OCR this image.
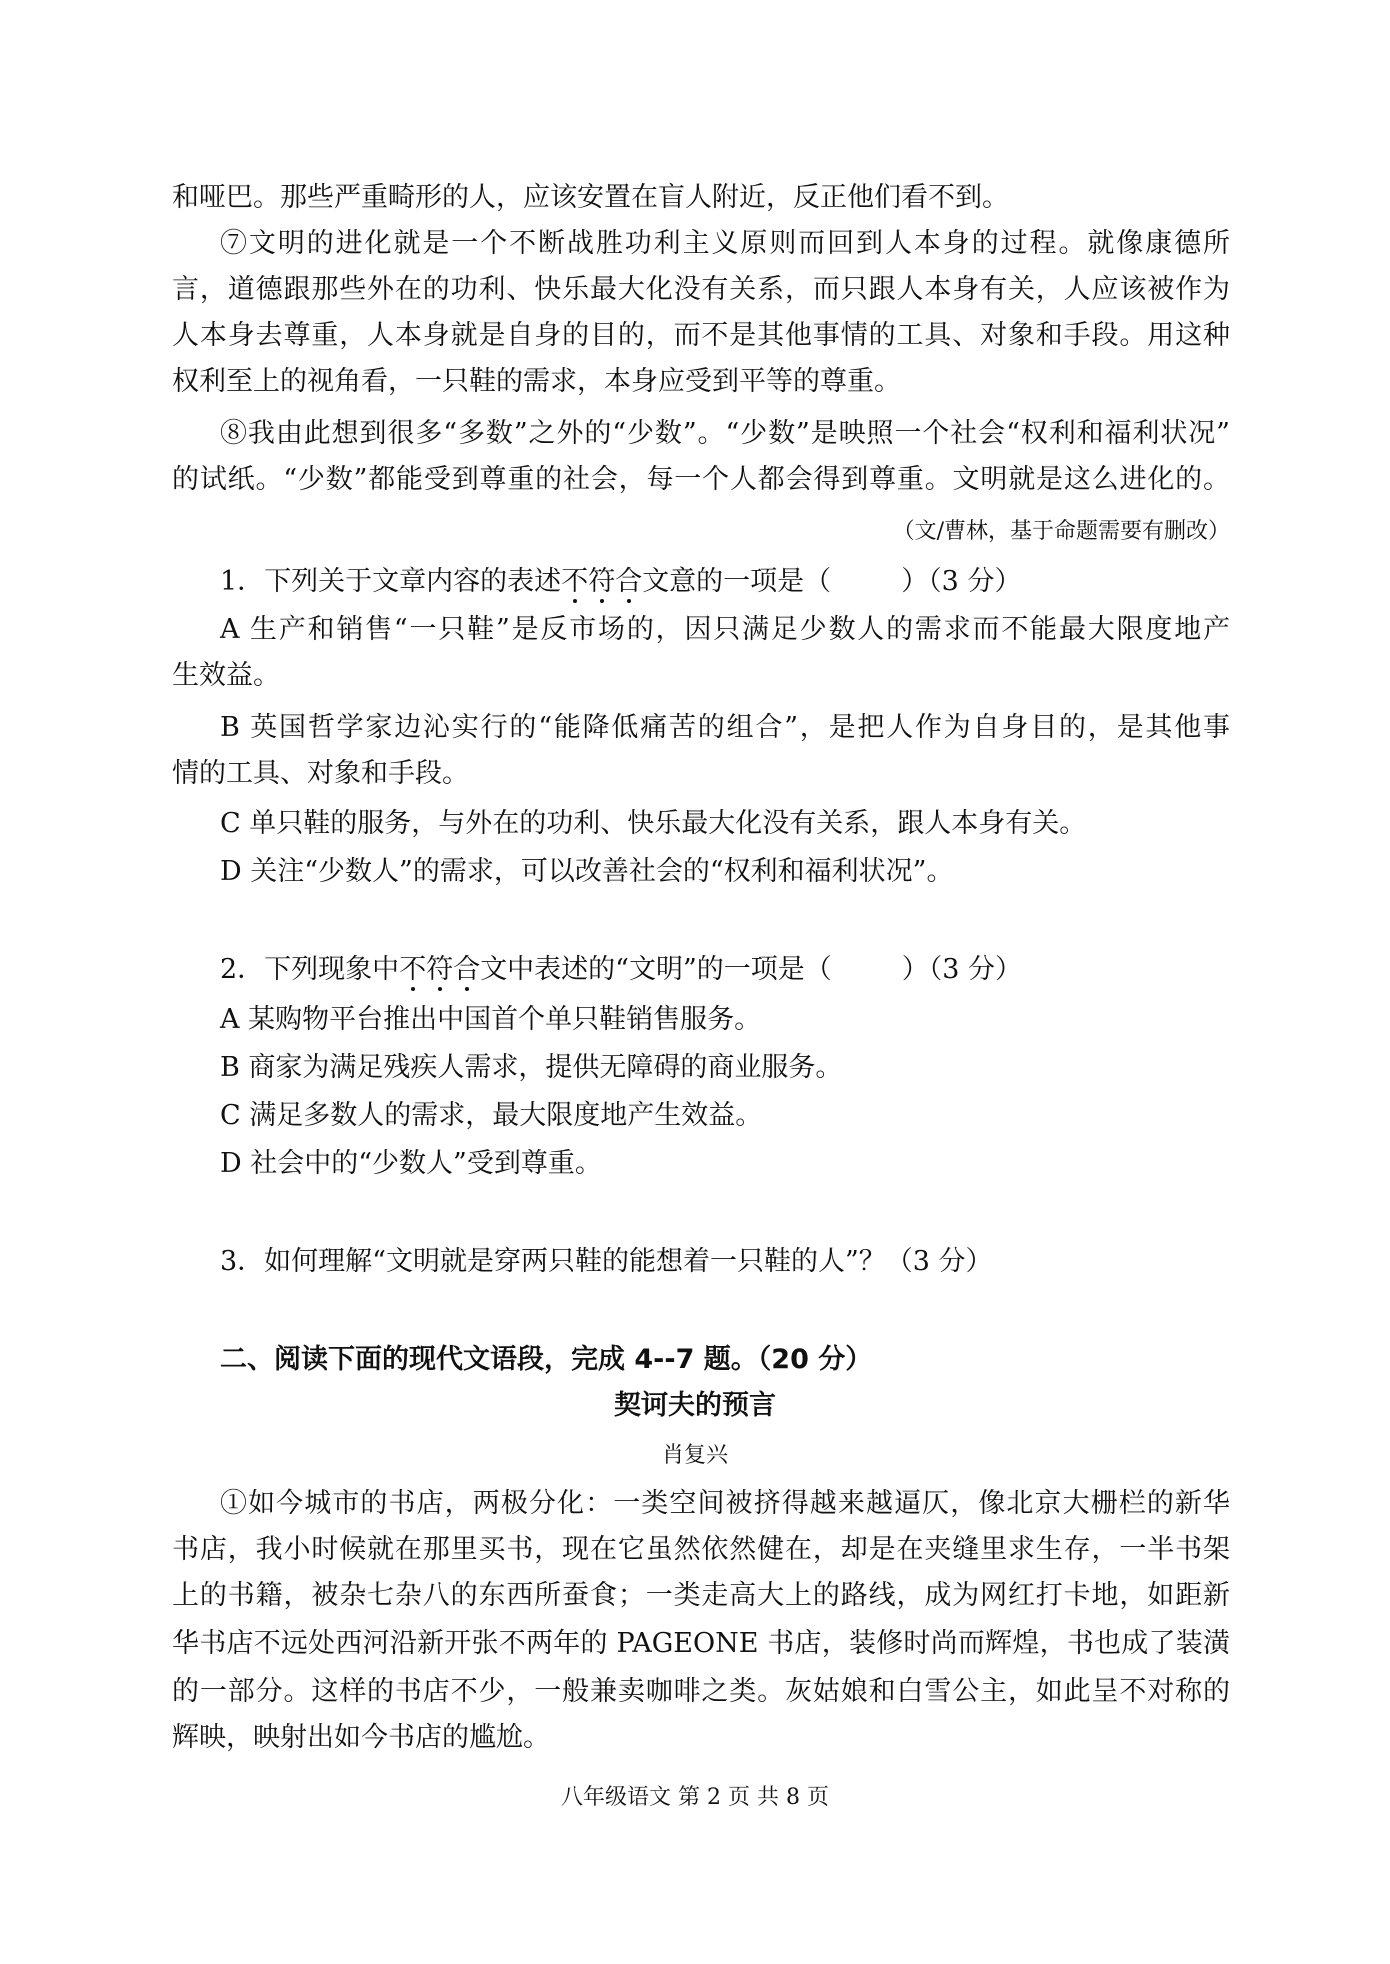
和哑巴。那些严重畸形的人，应该安置在盲人附近，反正他们看不到。
⑦文明的进化就是一个不断战胜功利主义原则而回到人本身的过程。就像康德所
言，道德跟那些外在的功利、快乐最大化没有关系，而只跟人本身有关，人应该被作为
人本身去尊重，人本身就是自身的目的，而不是其他事情的工具、对象和手段。用这种
权利至上的视角看，一只鞋的需求，本身应受到平等的尊重。
⑧我由此想到很多“多数”之外的“少数”。“少数”是映照一个社会“权利和福利状况”
的试纸。“少数”都能受到尊重的社会，每一个人都会得到尊重。文明就是这么进化的。
（文/曹林，基于命题需要有删改）
1．下列关于文章内容的表述不符合文意的一项是（	）（3 分）
A 生产和销售“一只鞋”是反市场的，因只满足少数人的需求而不能最大限度地产
生效益。
B 英国哲学家边沁实行的“能降低痛苦的组合”，是把人作为自身目的，是其他事
情的工具、对象和手段。
C 单只鞋的服务，与外在的功利、快乐最大化没有关系，跟人本身有关。
D 关注“少数人”的需求，可以改善社会的“权利和福利状况”。
2．下列现象中不符合文中表述的“文明”的一项是（	）（3 分）
A 某购物平台推出中国首个单只鞋销售服务。
B 商家为满足残疾人需求，提供无障碍的商业服务。
C 满足多数人的需求，最大限度地产生效益。
D 社会中的“少数人”受到尊重。
3．如何理解“文明就是穿两只鞋的能想着一只鞋的人”？（3 分）
二、阅读下面的现代文语段，完成 4--7 题。（20 分）
契诃夫的预言
肖复兴
①如今城市的书店，两极分化：一类空间被挤得越来越逼仄，像北京大栅栏的新华
书店，我小时候就在那里买书，现在它虽然依然健在，却是在夹缝里求生存，一半书架
上的书籍，被杂七杂八的东西所蚕食；一类走高大上的路线，成为网红打卡地，如距新
华书店不远处西河沿新开张不两年的 PAGEONE 书店，装修时尚而辉煌，书也成了装潢
的一部分。这样的书店不少，一般兼卖咖啡之类。灰姑娘和白雪公主，如此呈不对称的
辉映，映射出如今书店的尴尬。
八年级语文 第 2 页 共 8 页
